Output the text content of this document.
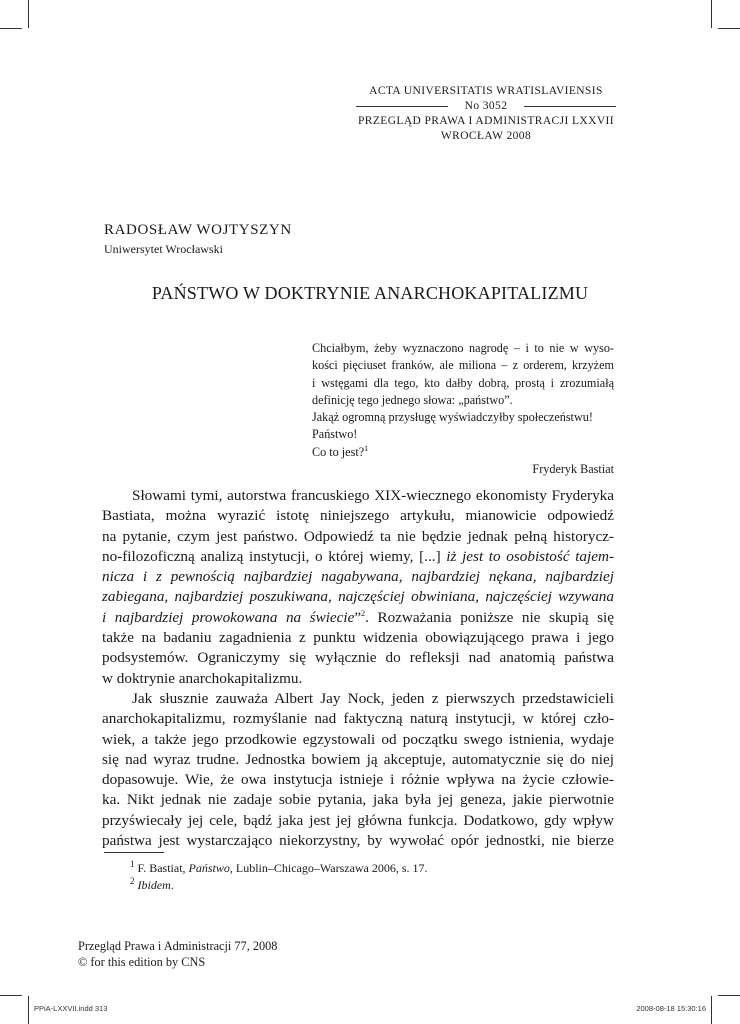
ACTA UNIVERSITATIS WRATISLAVIENSIS
No 3052
PRZEGLĄD PRAWA I ADMINISTRACJI LXXVII
WROCŁAW 2008
RADOSŁAW WOJTYSZYN
Uniwersytet Wrocławski
PAŃSTWO W DOKTRYNIE ANARCHOKAPITALIZMU
Chciałbym, żeby wyznaczono nagrodę – i to nie w wyso-
kości pięciuset franków, ale miliona – z orderem, krzyżem
i wstęgami dla tego, kto dałby dobrą, prostą i zrozumiałą
definicję tego jednego słowa: „państwo”.
Jakąż ogromną przysługę wyświadczyłby społeczeństwu!
Państwo!
Co to jest?$^1$
Fryderyk Bastiat
Słowami tymi, autorstwa francuskiego XIX-wiecznego ekonomisty Fryderyka
Bastiata, można wyrazić istotę niniejszego artykułu, mianowicie odpowiedź
na pytanie, czym jest państwo. Odpowiedź ta nie będzie jednak pełną historycz-
no-filozoficzną analizą instytucji, o której wiemy, [...] iż jest to osobistość tajem-
nicza i z pewnością najbardziej nagabywana, najbardziej nękana, najbardziej
zabiegana, najbardziej poszukiwana, najczęściej obwiniana, najczęściej wzywana
i najbardziej prowokowana na świecie”$^2$. Rozważania poniższe nie skupią się
także na badaniu zagadnienia z punktu widzenia obowiązującego prawa i jego
podsystemów. Ograniczymy się wyłącznie do refleksji nad anatomią państwa
w doktrynie anarchokapitalizmu.
Jak słusznie zauważa Albert Jay Nock, jeden z pierwszych przedstawicieli
anarchokapitalizmu, rozmyślanie nad faktyczną naturą instytucji, w której czło-
wiek, a także jego przodkowie egzystowali od początku swego istnienia, wydaje
się nad wyraz trudne. Jednostka bowiem ją akceptuje, automatycznie się do niej
dopasowuje. Wie, że owa instytucja istnieje i różnie wpływa na życie człowie-
ka. Nikt jednak nie zadaje sobie pytania, jaka była jej geneza, jakie pierwotnie
przyświecały jej cele, bądź jaka jest jej główna funkcja. Dodatkowo, gdy wpływ
państwa jest wystarczająco niekorzystny, by wywołać opór jednostki, nie bierze
$^1$ F. Bastiat, Państwo, Lublin–Chicago–Warszawa 2006, s. 17.
$^2$ Ibidem.
Przegląd Prawa i Administracji 77, 2008
© for this edition by CNS
PPiA-LXXVII.indd 313	2008-08-18 15:30:16
